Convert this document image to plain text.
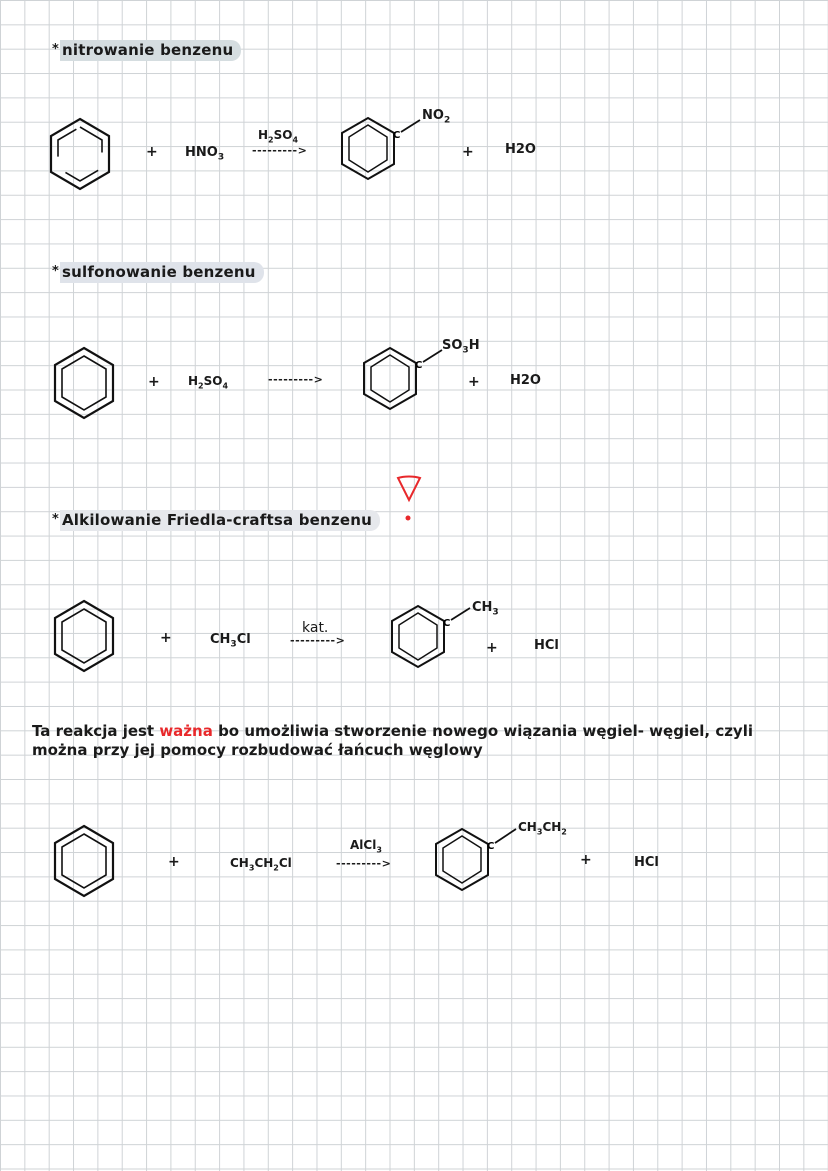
nitrowanie benzenu
*
+ $HNO_3$
$H_2SO_4$
--------->
C
$NO_2$
+ H2O
sulfonowanie benzenu
*
+ $H_2SO_4$	--------->
C
$SO_3H$
+ H2O
Alkilowanie Friedla-craftsa benzenu
*
+	$CH_3Cl$
kat.
--------->
C
$CH_3$
+	HCl
Ta reakcja jest ważna bo umożliwia stworzenie nowego wiązania węgiel- węgiel, czyli można przy jej pomocy rozbudować łańcuch węglowy
+	$CH_3CH_2Cl$
AlCl$_3$
--------->
C
$CH_3CH_2$
+	HCl
